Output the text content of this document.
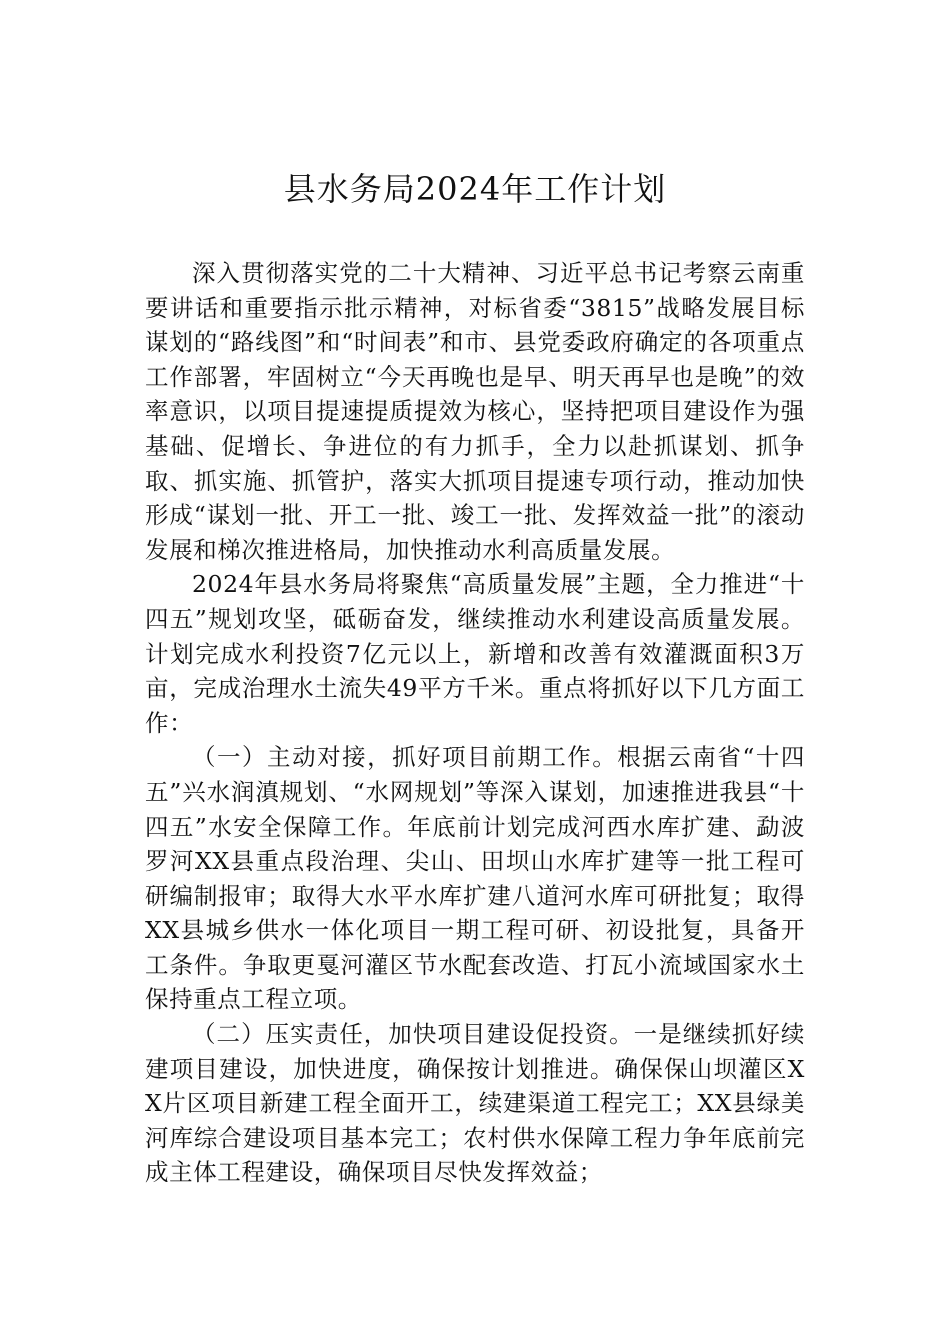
县水务局2024年工作计划

深入贯彻落实党的二十大精神、习近平总书记考察云南重要讲话和重要指示批示精神，对标省委“3815”战略发展目标谋划的“路线图”和“时间表”和市、县党委政府确定的各项重点工作部署，牢固树立“今天再晚也是早、明天再早也是晚”的效率意识，以项目提速提质提效为核心，坚持把项目建设作为强基础、促增长、争进位的有力抓手，全力以赴抓谋划、抓争取、抓实施、抓管护，落实大抓项目提速专项行动，推动加快形成“谋划一批、开工一批、竣工一批、发挥效益一批”的滚动发展和梯次推进格局，加快推动水利高质量发展。

2024年县水务局将聚焦“高质量发展”主题，全力推进“十四五”规划攻坚，砥砺奋发，继续推动水利建设高质量发展。计划完成水利投资7亿元以上，新增和改善有效灌溉面积3万亩，完成治理水土流失49平方千米。重点将抓好以下几方面工作：

（一）主动对接，抓好项目前期工作。根据云南省“十四五”兴水润滇规划、“水网规划”等深入谋划，加速推进我县“十四五”水安全保障工作。年底前计划完成河西水库扩建、勐波罗河XX县重点段治理、尖山、田坝山水库扩建等一批工程可研编制报审；取得大水平水库扩建八道河水库可研批复；取得XX县城乡供水一体化项目一期工程可研、初设批复，具备开工条件。争取更戛河灌区节水配套改造、打瓦小流域国家水土保持重点工程立项。

（二）压实责任，加快项目建设促投资。一是继续抓好续建项目建设，加快进度，确保按计划推进。确保保山坝灌区XX片区项目新建工程全面开工，续建渠道工程完工；XX县绿美河库综合建设项目基本完工；农村供水保障工程力争年底前完成主体工程建设，确保项目尽快发挥效益；
